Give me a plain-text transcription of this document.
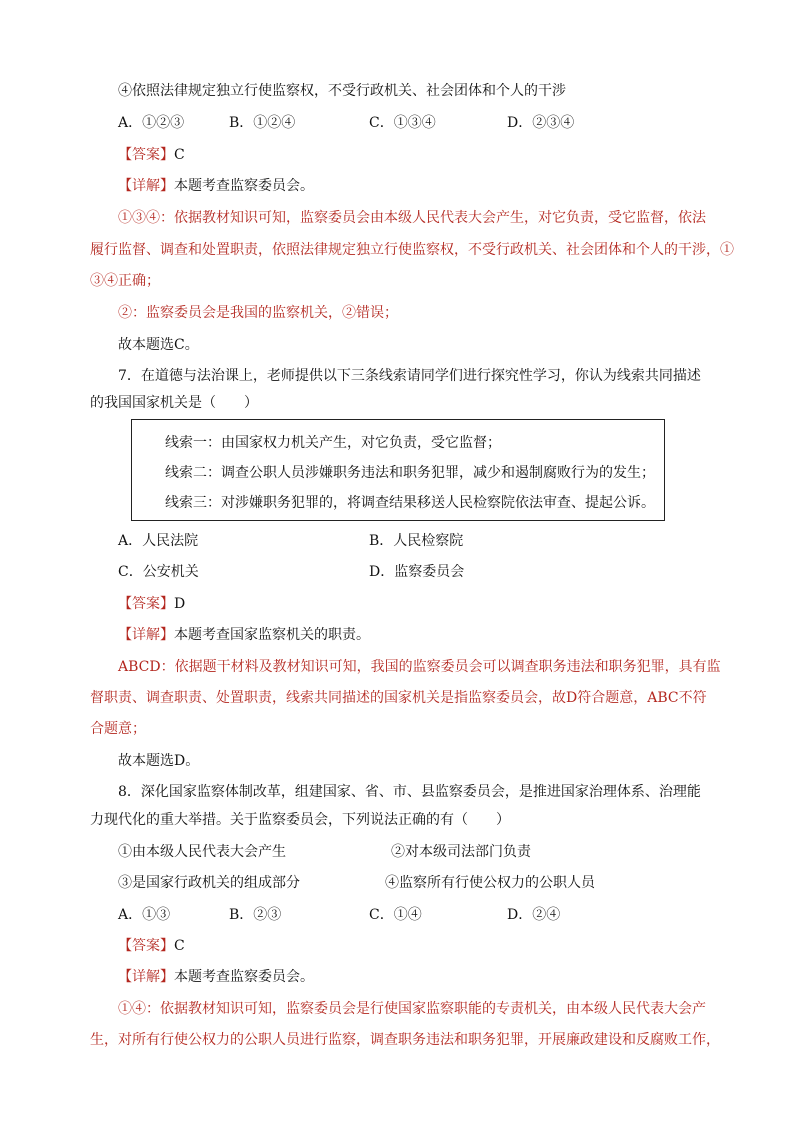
④依照法律规定独立行使监察权，不受行政机关、社会团体和个人的干涉
A．①②③	B．①②④	C．①③④	D．②③④
【答案】C
【详解】本题考查监察委员会。
①③④：依据教材知识可知，监察委员会由本级人民代表大会产生，对它负责，受它监督，依法
履行监督、调查和处置职责，依照法律规定独立行使监察权，不受行政机关、社会团体和个人的干涉，①
③④正确；
②：监察委员会是我国的监察机关，②错误；
故本题选C。
7．在道德与法治课上，老师提供以下三条线索请同学们进行探究性学习，你认为线索共同描述
的我国国家机关是（　　）
线索一：由国家权力机关产生，对它负责，受它监督；
线索二：调查公职人员涉嫌职务违法和职务犯罪，减少和遏制腐败行为的发生；
线索三：对涉嫌职务犯罪的，将调查结果移送人民检察院依法审查、提起公诉。
A．人民法院	B．人民检察院
C．公安机关	D．监察委员会
【答案】D
【详解】本题考查国家监察机关的职责。
ABCD：依据题干材料及教材知识可知，我国的监察委员会可以调查职务违法和职务犯罪，具有监
督职责、调查职责、处置职责，线索共同描述的国家机关是指监察委员会，故D符合题意，ABC不符
合题意；
故本题选D。
8．深化国家监察体制改革，组建国家、省、市、县监察委员会，是推进国家治理体系、治理能
力现代化的重大举措。关于监察委员会，下列说法正确的有（　　）
①由本级人民代表大会产生	②对本级司法部门负责
③是国家行政机关的组成部分	④监察所有行使公权力的公职人员
A．①③	B．②③	C．①④	D．②④
【答案】C
【详解】本题考查监察委员会。
①④：依据教材知识可知，监察委员会是行使国家监察职能的专责机关，由本级人民代表大会产
生，对所有行使公权力的公职人员进行监察，调查职务违法和职务犯罪，开展廉政建设和反腐败工作，
